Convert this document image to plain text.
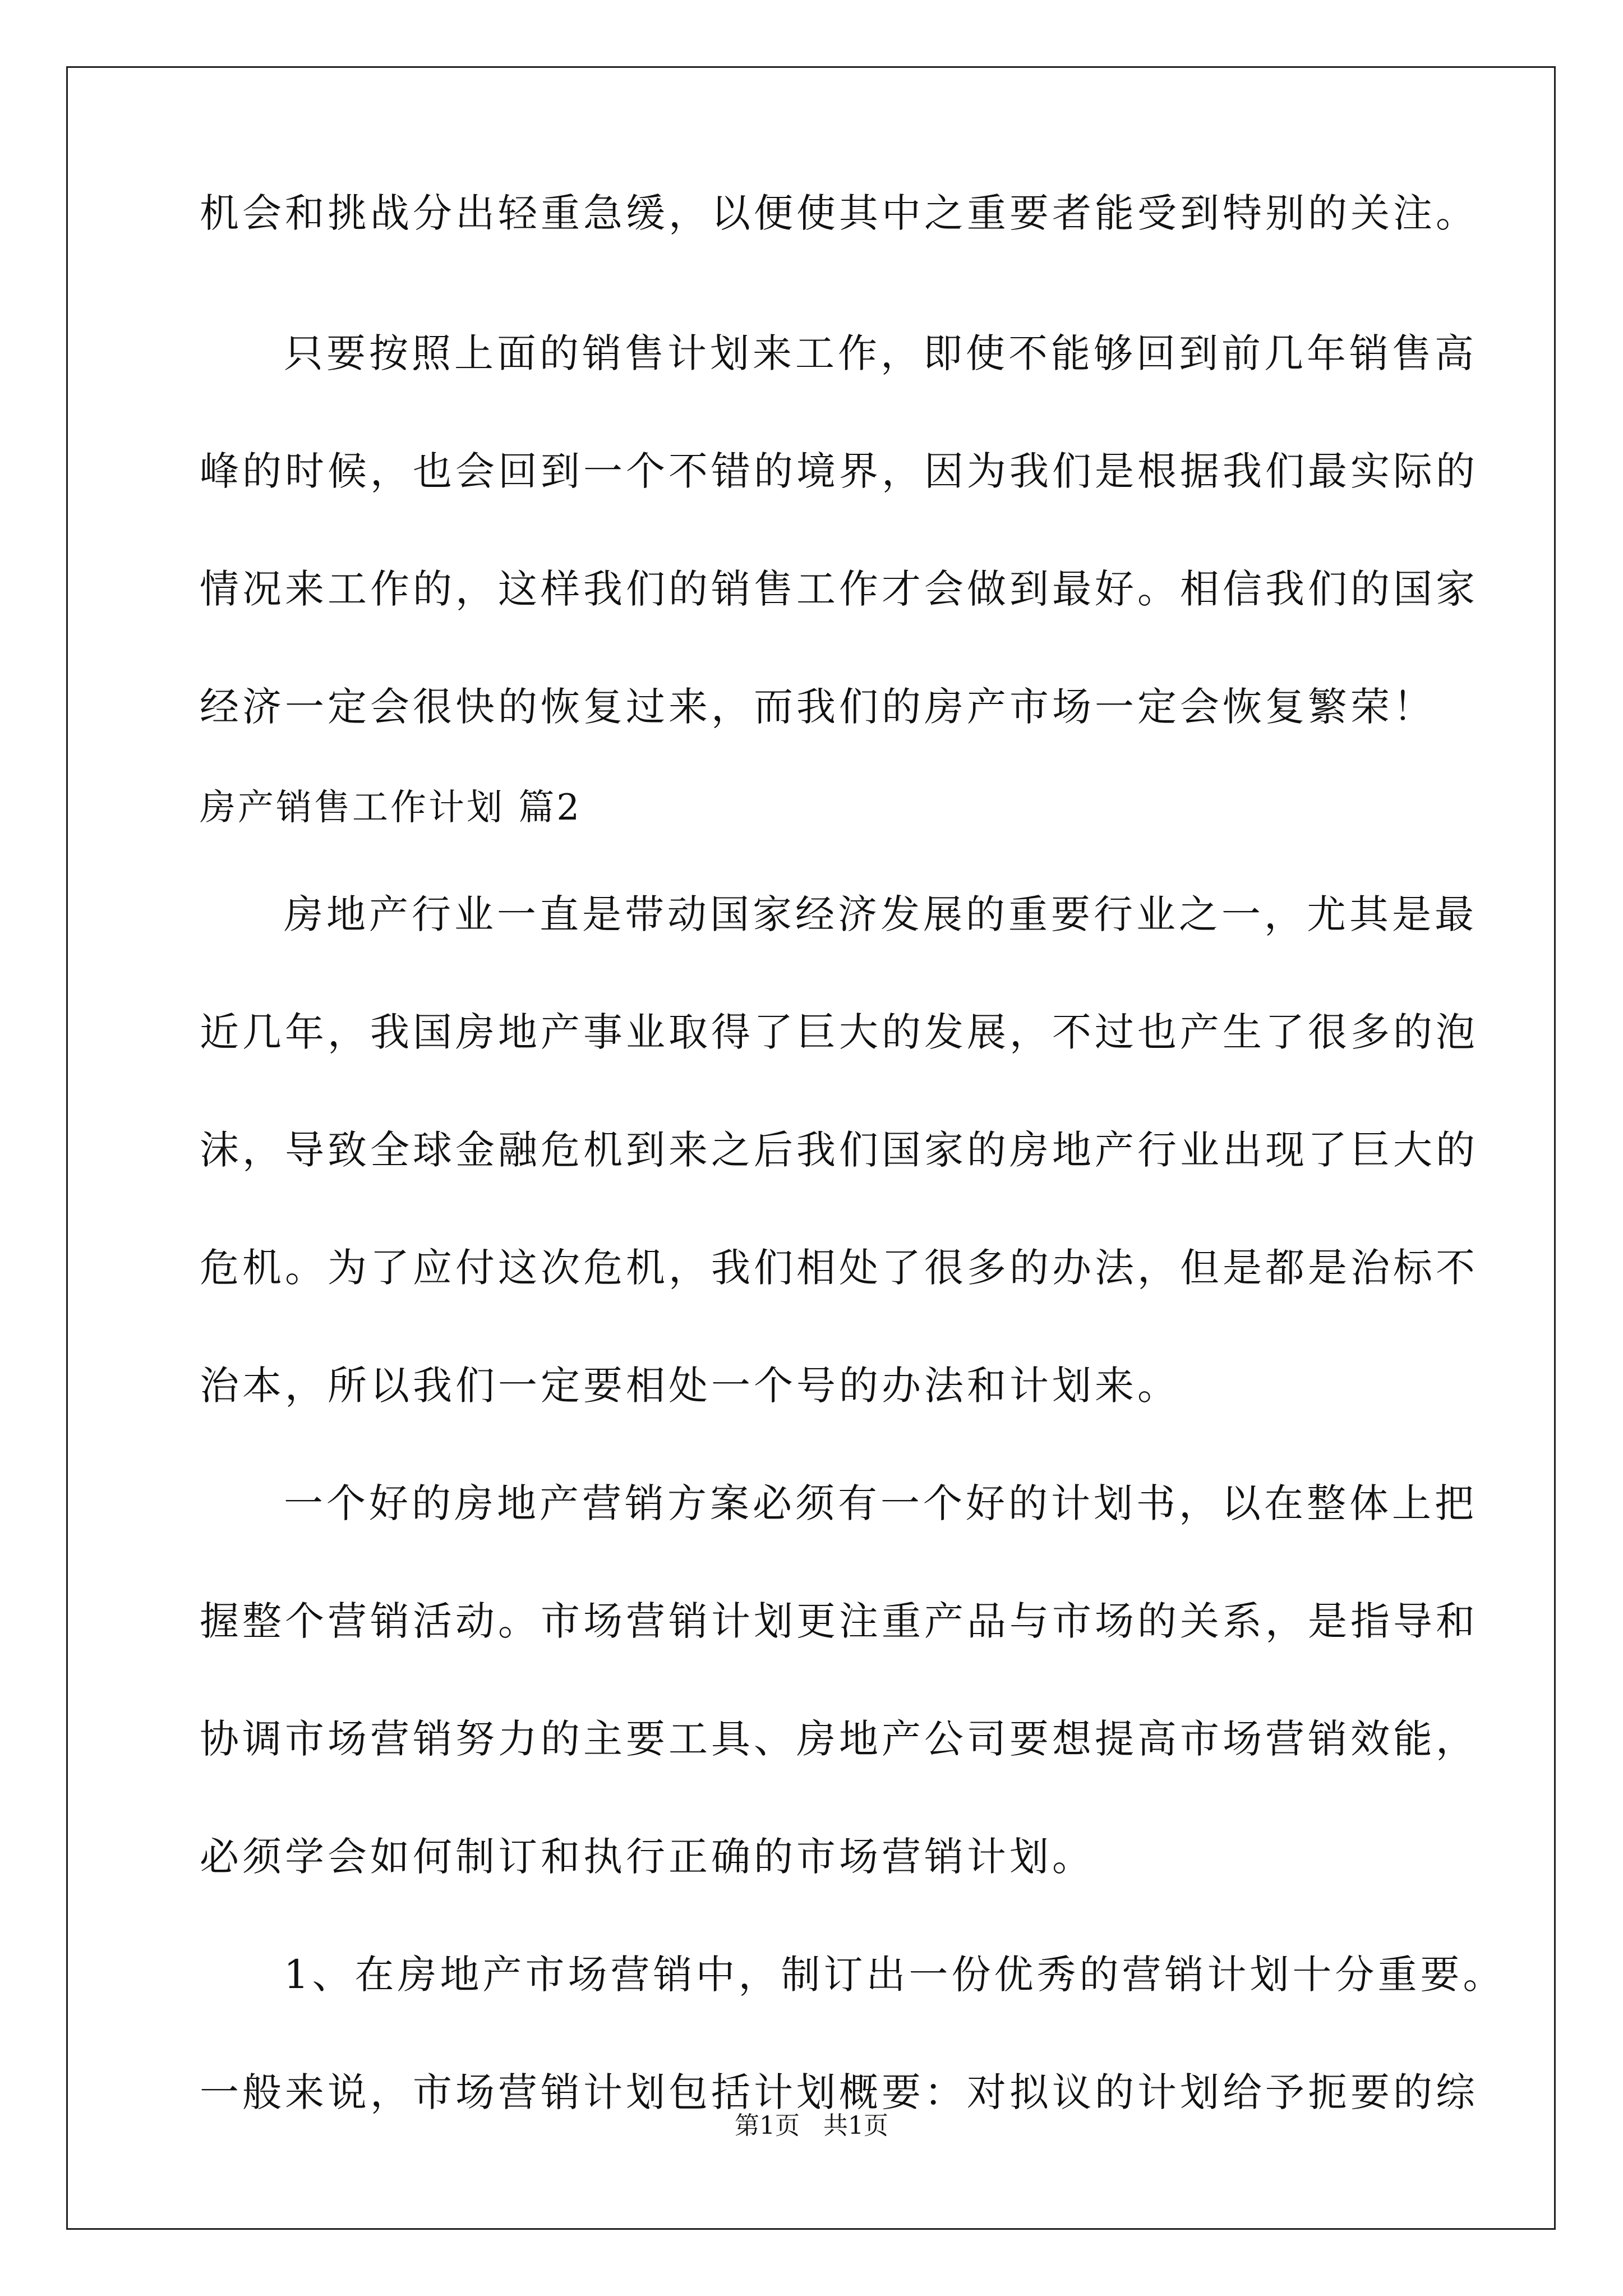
机会和挑战分出轻重急缓，以便使其中之重要者能受到特别的关注。
只要按照上面的销售计划来工作，即使不能够回到前几年销售高
峰的时候，也会回到一个不错的境界，因为我们是根据我们最实际的
情况来工作的，这样我们的销售工作才会做到最好。相信我们的国家
经济一定会很快的恢复过来，而我们的房产市场一定会恢复繁荣！
房产销售工作计划 篇2
房地产行业一直是带动国家经济发展的重要行业之一，尤其是最
近几年，我国房地产事业取得了巨大的发展，不过也产生了很多的泡
沫，导致全球金融危机到来之后我们国家的房地产行业出现了巨大的
危机。为了应付这次危机，我们相处了很多的办法，但是都是治标不
治本，所以我们一定要相处一个号的办法和计划来。
一个好的房地产营销方案必须有一个好的计划书，以在整体上把
握整个营销活动。市场营销计划更注重产品与市场的关系，是指导和
协调市场营销努力的主要工具、房地产公司要想提高市场营销效能，
必须学会如何制订和执行正确的市场营销计划。
1、在房地产市场营销中，制订出一份优秀的营销计划十分重要。
一般来说，市场营销计划包括计划概要：对拟议的计划给予扼要的综
第1页   共1页
